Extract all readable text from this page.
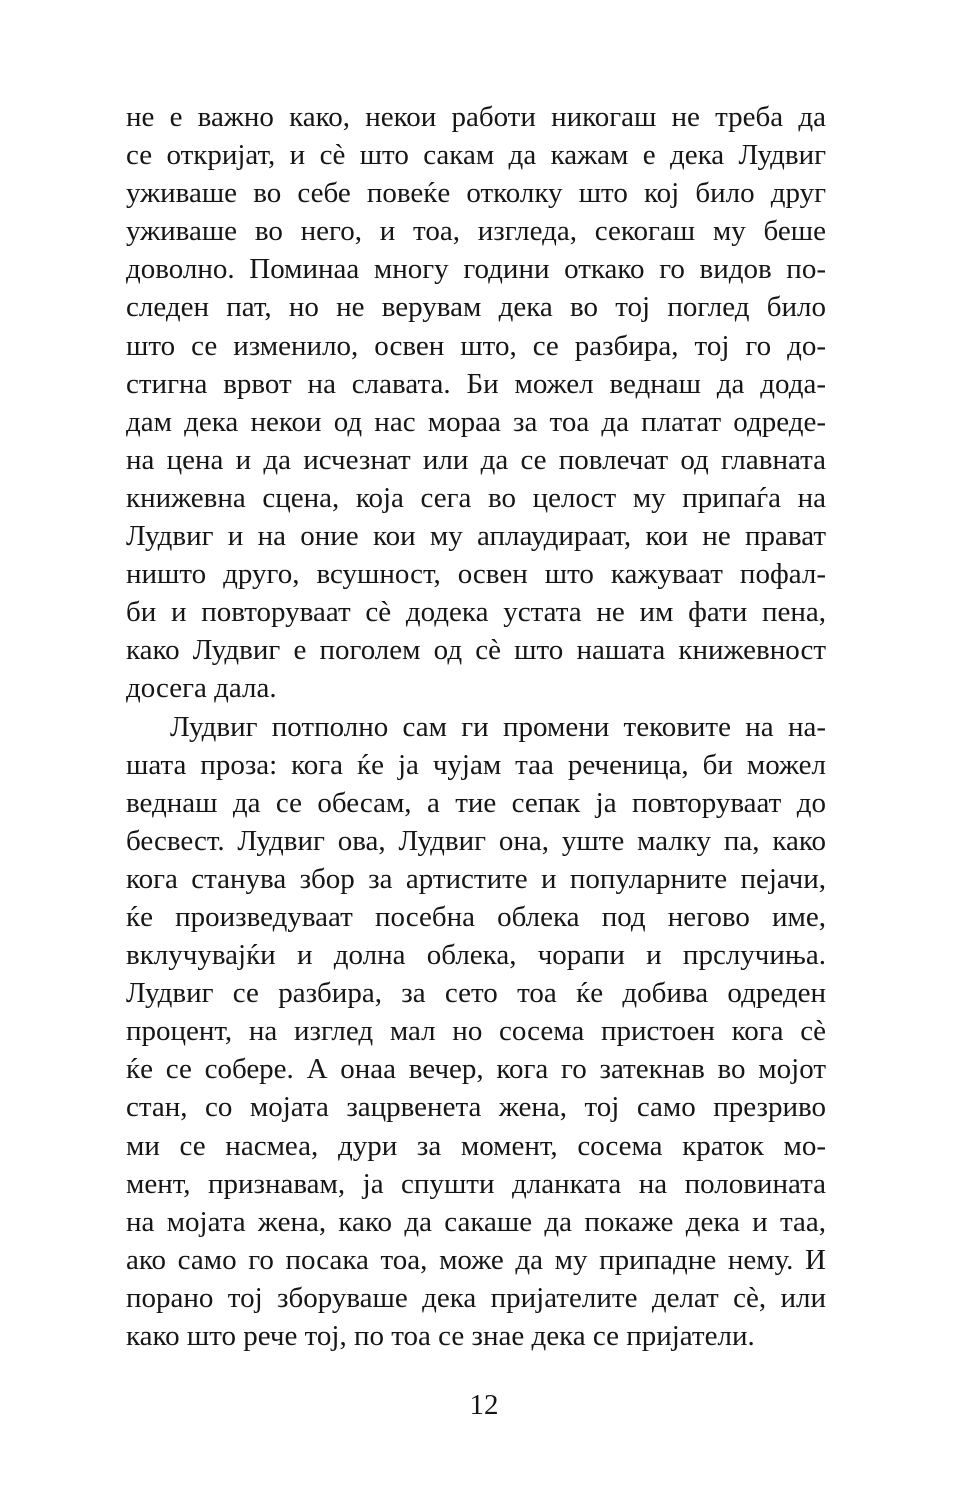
не е важно како, некои работи никогаш не треба да
се откријат, и сè што сакам да кажам е дека Лудвиг
уживаше во себе повеќе отколку што кој било друг
уживаше во него, и тоа, изгледа, секогаш му беше
доволно. Поминаа многу години откако го видов по-
следен пат, но не верувам дека во тој поглед било
што се изменило, освен што, се разбира, тој го до-
стигна врвот на славата. Би можел веднаш да дода-
дам дека некои од нас мораа за тоа да платат одреде-
на цена и да исчезнат или да се повлечат од главната
книжевна сцена, која сега во целост му припаѓа на
Лудвиг и на оние кои му аплаудираат, кои не прават
ништо друго, всушност, освен што кажуваат пофал-
би и повторуваат сè додека устата не им фати пена,
како Лудвиг е поголем од сè што нашата книжевност
досега дала.
Лудвиг потполно сам ги промени тековите на на-
шата проза: кога ќе ја чујам таа реченица, би можел
веднаш да се обесам, а тие сепак ја повторуваат до
бесвест. Лудвиг ова, Лудвиг она, уште малку па, како
кога станува збор за артистите и популарните пејачи,
ќе произведуваат посебна облека под негово име,
вклучувајќи и долна облека, чорапи и прслучиња.
Лудвиг се разбира, за сето тоа ќе добива одреден
процент, на изглед мал но сосема пристоен кога сè
ќе се собере. А онаа вечер, кога го затекнав во мојот
стан, со мојата зацрвенета жена, тој само презриво
ми се насмеа, дури за момент, сосема краток мо-
мент, признавам, ја спушти дланката на половината
на мојата жена, како да сакаше да покаже дека и таа,
ако само го посака тоа, може да му припадне нему. И
порано тој зборуваше дека пријателите делат сè, или
како што рече тој, по тоа се знае дека се пријатели.
12
